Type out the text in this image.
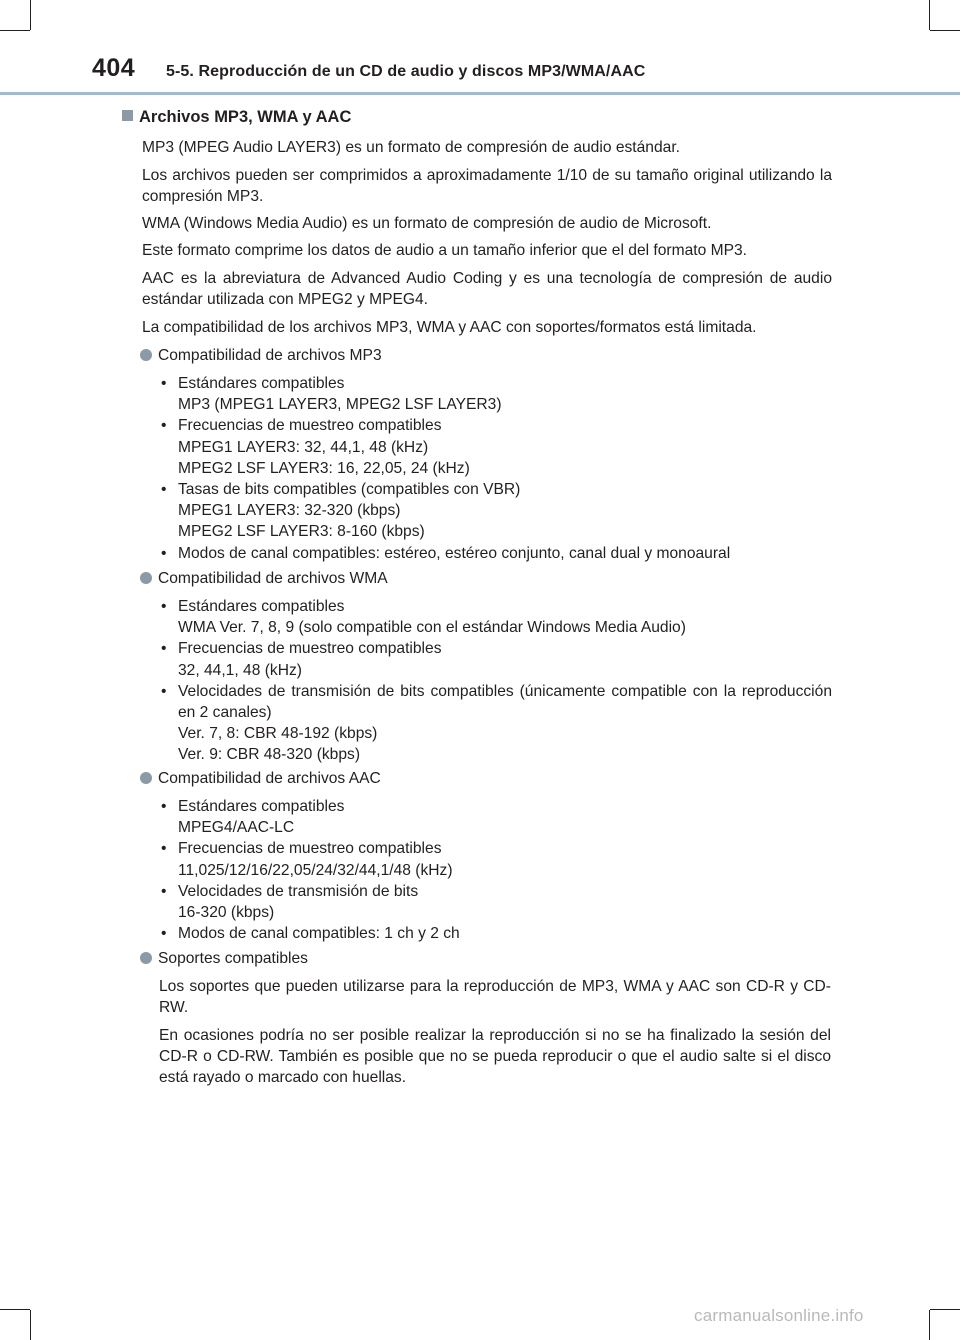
404 5-5. Reproducción de un CD de audio y discos MP3/WMA/AAC
Archivos MP3, WMA y AAC
MP3 (MPEG Audio LAYER3) es un formato de compresión de audio estándar.
Los archivos pueden ser comprimidos a aproximadamente 1/10 de su tamaño original utilizando la compresión MP3.
WMA (Windows Media Audio) es un formato de compresión de audio de Microsoft.
Este formato comprime los datos de audio a un tamaño inferior que el del formato MP3.
AAC es la abreviatura de Advanced Audio Coding y es una tecnología de compresión de audio estándar utilizada con MPEG2 y MPEG4.
La compatibilidad de los archivos MP3, WMA y AAC con soportes/formatos está limitada.
Compatibilidad de archivos MP3
• Estándares compatibles
MP3 (MPEG1 LAYER3, MPEG2 LSF LAYER3)
• Frecuencias de muestreo compatibles
MPEG1 LAYER3: 32, 44,1, 48 (kHz)
MPEG2 LSF LAYER3: 16, 22,05, 24 (kHz)
• Tasas de bits compatibles (compatibles con VBR)
MPEG1 LAYER3: 32-320 (kbps)
MPEG2 LSF LAYER3: 8-160 (kbps)
• Modos de canal compatibles: estéreo, estéreo conjunto, canal dual y monoaural
Compatibilidad de archivos WMA
• Estándares compatibles
WMA Ver. 7, 8, 9 (solo compatible con el estándar Windows Media Audio)
• Frecuencias de muestreo compatibles
32, 44,1, 48 (kHz)
• Velocidades de transmisión de bits compatibles (únicamente compatible con la reproducción en 2 canales)
Ver. 7, 8: CBR 48-192 (kbps)
Ver. 9: CBR 48-320 (kbps)
Compatibilidad de archivos AAC
• Estándares compatibles
MPEG4/AAC-LC
• Frecuencias de muestreo compatibles
11,025/12/16/22,05/24/32/44,1/48 (kHz)
• Velocidades de transmisión de bits
16-320 (kbps)
• Modos de canal compatibles: 1 ch y 2 ch
Soportes compatibles
Los soportes que pueden utilizarse para la reproducción de MP3, WMA y AAC son CD-R y CD-RW.
En ocasiones podría no ser posible realizar la reproducción si no se ha finalizado la sesión del CD-R o CD-RW. También es posible que no se pueda reproducir o que el audio salte si el disco está rayado o marcado con huellas.
carmanualsonline.info
